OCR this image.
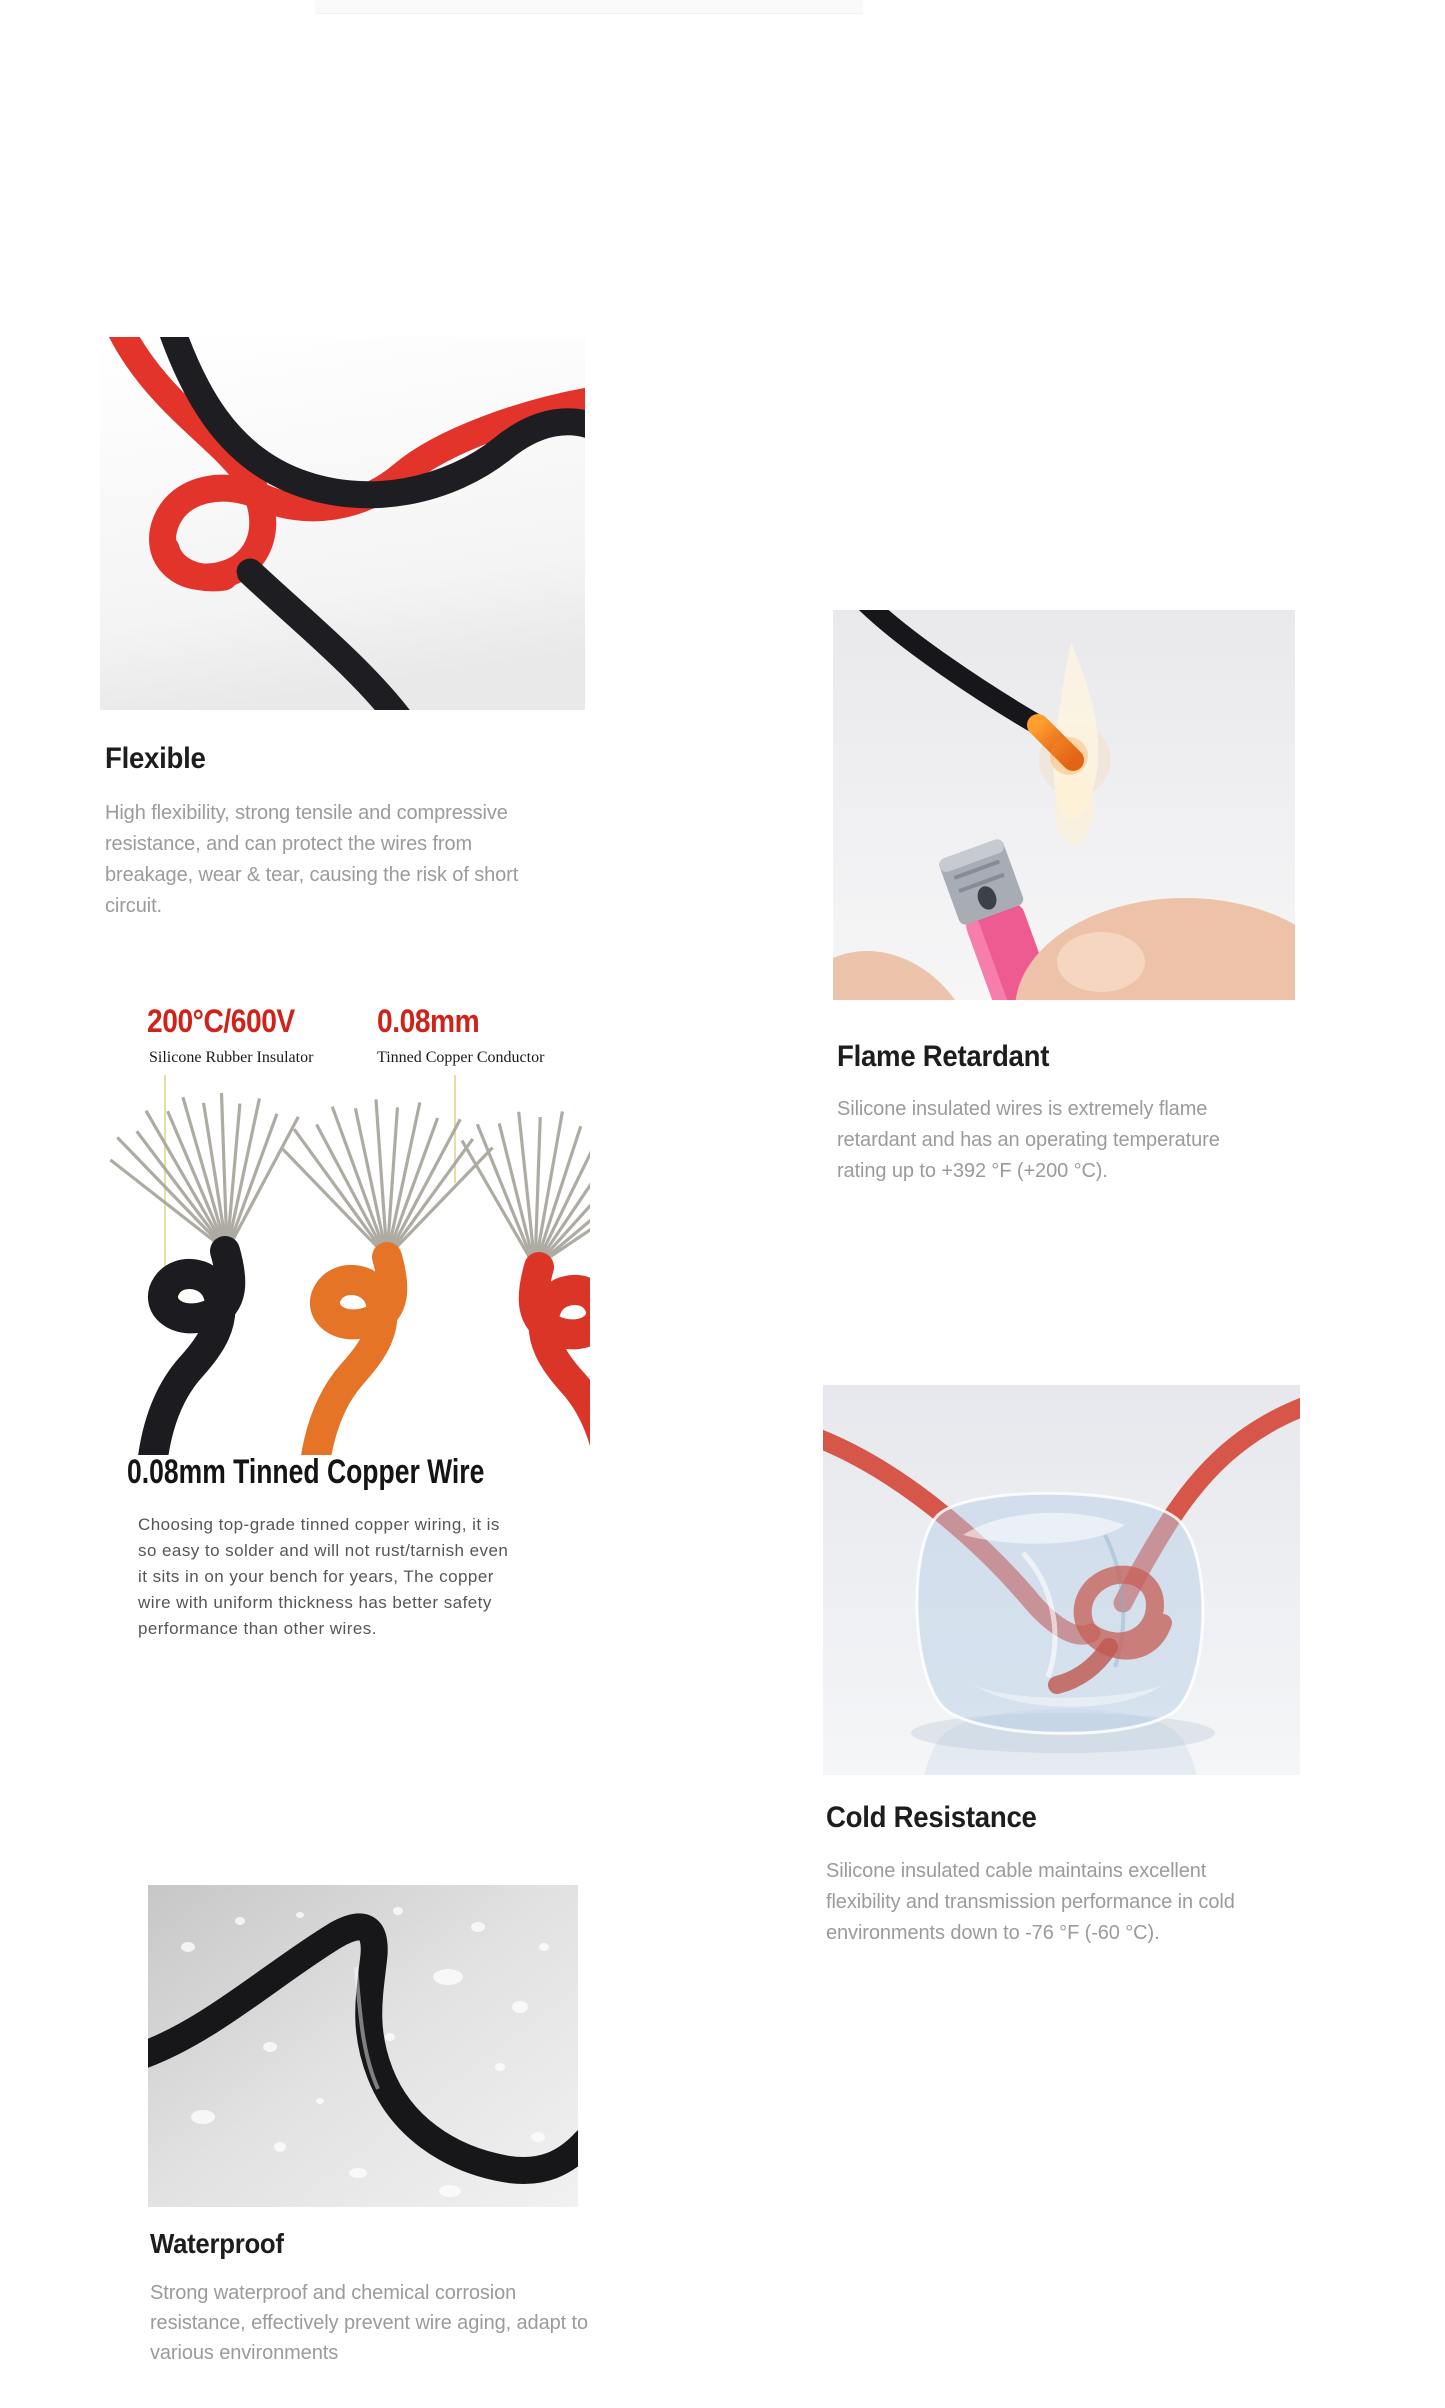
Flexible
High flexibility, strong tensile and compressive
resistance, and can protect the wires from
breakage, wear & tear, causing the risk of short
circuit.
Flame Retardant
Silicone insulated wires is extremely flame
retardant and has an operating temperature
rating up to +392 °F (+200 °C).
200°C/600V	0.08mm
Silicone Rubber Insulator	Tinned Copper Conductor
0.08mm Tinned Copper Wire
Choosing top-grade tinned copper wiring, it is
so easy to solder and will not rust/tarnish even
it sits in on your bench for years, The copper
wire with uniform thickness has better safety
performance than other wires.
Cold Resistance
Silicone insulated cable maintains excellent
flexibility and transmission performance in cold
environments down to -76 °F (-60 °C).
Waterproof
Strong waterproof and chemical corrosion
resistance, effectively prevent wire aging, adapt to
various environments
